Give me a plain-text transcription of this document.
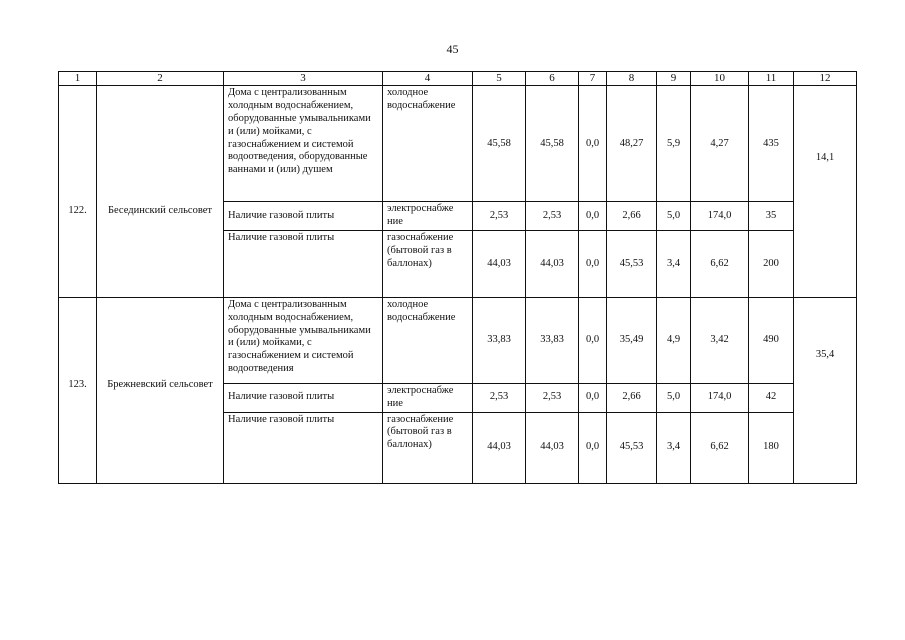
45
1	2	3	4	5	6	7	8	9	10	11	12
122.	Бесединский сельсовет	Дома с централизованным холодным водоснабжением, оборудованные умывальниками и (или) мойками, с газоснабжением и системой водоотведения, оборудованные ваннами и (или) душем	холодное водоснабжение	45,58	45,58	0,0	48,27	5,9	4,27	435	14,1
		Наличие газовой плиты	электроснабже ние	2,53	2,53	0,0	2,66	5,0	174,0	35	
		Наличие газовой плиты	газоснабжение (бытовой газ в баллонах)	44,03	44,03	0,0	45,53	3,4	6,62	200	
123.	Брежневский сельсовет	Дома с централизованным холодным водоснабжением, оборудованные умывальниками и (или) мойками, с газоснабжением и системой водоотведения	холодное водоснабжение	33,83	33,83	0,0	35,49	4,9	3,42	490	35,4
		Наличие газовой плиты	электроснабже ние	2,53	2,53	0,0	2,66	5,0	174,0	42	
		Наличие газовой плиты	газоснабжение (бытовой газ в баллонах)	44,03	44,03	0,0	45,53	3,4	6,62	180	
